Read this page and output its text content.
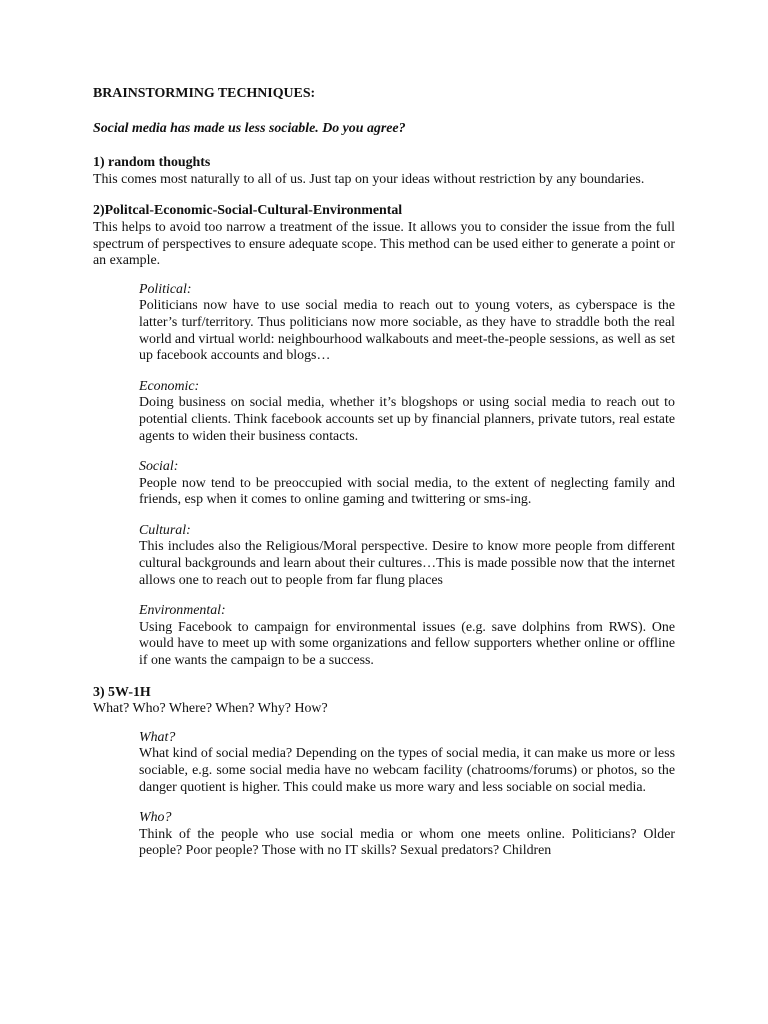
BRAINSTORMING TECHNIQUES:

Social media has made us less sociable. Do you agree?

1) random thoughts

This comes most naturally to all of us. Just tap on your ideas without restriction by any boundaries.

2)Politcal-Economic-Social-Cultural-Environmental

This helps to avoid too narrow a treatment of the issue. It allows you to consider the issue from the full spectrum of perspectives to ensure adequate scope. This method can be used either to generate a point or an example.

Political:

Politicians now have to use social media to reach out to young voters, as cyberspace is the latter’s turf/territory. Thus politicians now more sociable, as they have to straddle both the real world and virtual world: neighbourhood walkabouts and meet-the-people sessions, as well as set up facebook accounts and blogs…

Economic:

Doing business on social media, whether it’s blogshops or using social media to reach out to potential clients. Think facebook accounts set up by financial planners, private tutors, real estate agents to widen their business contacts.

Social:

People now tend to be preoccupied with social media, to the extent of neglecting family and friends, esp when it comes to online gaming and twittering or sms-ing.

Cultural:

This includes also the Religious/Moral perspective. Desire to know more people from different cultural backgrounds and learn about their cultures…This is made possible now that the internet allows one to reach out to people from far flung places

Environmental:

Using Facebook to campaign for environmental issues (e.g. save dolphins from RWS). One would have to meet up with some organizations and fellow supporters whether online or offline if one wants the campaign to be a success.

3) 5W-1H

What? Who? Where? When? Why? How?

What?

What kind of social media? Depending on the types of social media, it can make us more or less sociable, e.g. some social media have no webcam facility (chatrooms/forums) or photos, so the danger quotient is higher. This could make us more wary and less sociable on social media.

Who?

Think of the people who use social media or whom one meets online. Politicians? Older people? Poor people? Those with no IT skills? Sexual predators? Children
